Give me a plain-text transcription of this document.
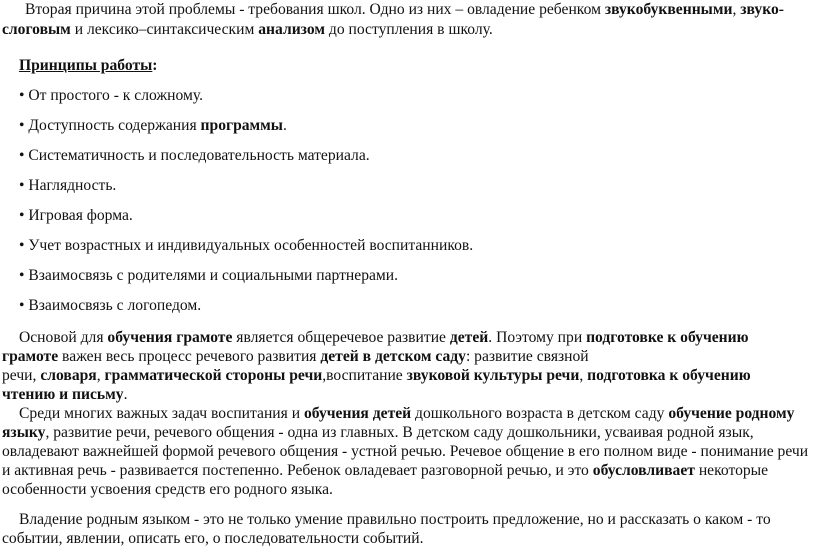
Вторая причина этой проблемы - требования школ. Одно из них – овладение ребенком звукобуквенными, звуко-
слоговым и лексико–синтаксическим анализом до поступления в школу.
Принципы работы:
• От простого - к сложному.
• Доступность содержания программы.
• Систематичность и последовательность материала.
• Наглядность.
• Игровая форма.
• Учет возрастных и индивидуальных особенностей воспитанников.
• Взаимосвязь с родителями и социальными партнерами.
• Взаимосвязь с логопедом.
Основой для обучения грамоте является общеречевое развитие детей. Поэтому при подготовке к обучению
грамоте важен весь процесс речевого развития детей в детском саду: развитие связной
речи, словаря, грамматической стороны речи,воспитание звуковой культуры речи, подготовка к обучению
чтению и письму.
Среди многих важных задач воспитания и обучения детей дошкольного возраста в детском саду обучение родному
языку, развитие речи, речевого общения - одна из главных. В детском саду дошкольники, усваивая родной язык,
овладевают важнейшей формой речевого общения - устной речью. Речевое общение в его полном виде - понимание речи
и активная речь - развивается постепенно. Ребенок овладевает разговорной речью, и это обусловливает некоторые
особенности усвоения средств его родного языка.
Владение родным языком - это не только умение правильно построить предложение, но и рассказать о каком - то
событии, явлении, описать его, о последовательности событий.
